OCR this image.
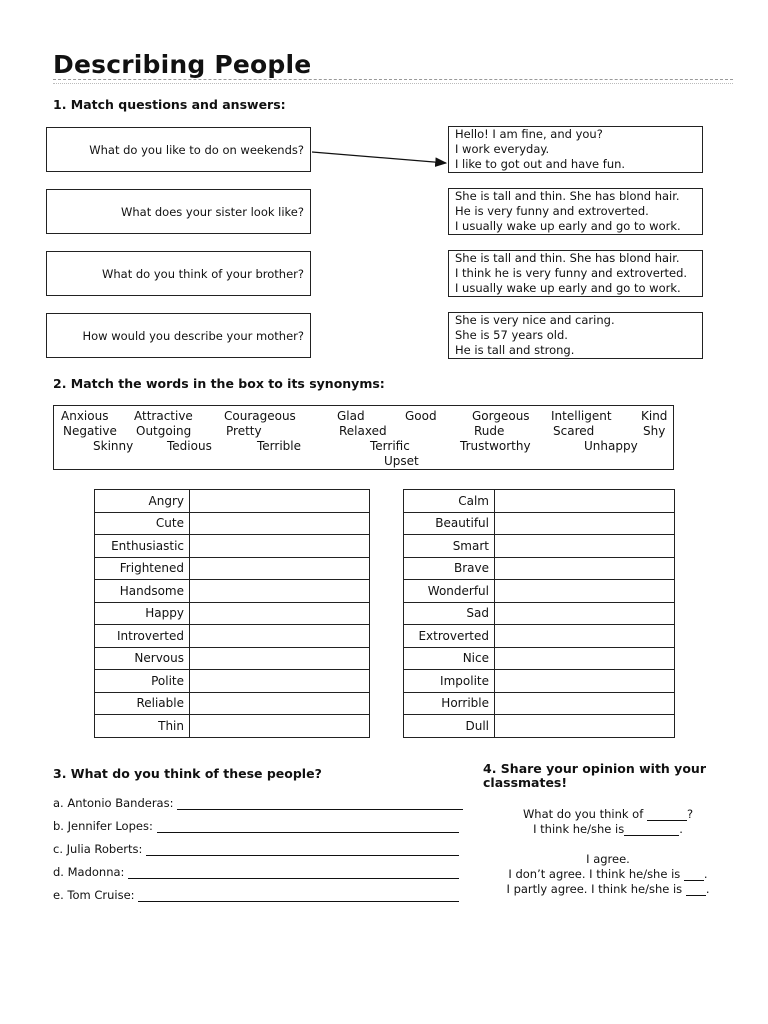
Describing People
1. Match questions and answers:
What do you like to do on weekends?
What does your sister look like?
What do you think of your brother?
How would you describe your mother?
Hello! I am fine, and you?
I work everyday.
I like to got out and have fun.
She is tall and thin. She has blond hair.
He is very funny and extroverted.
I usually wake up early and go to work.
She is tall and thin. She has blond hair.
I think he is very funny and extroverted.
I usually wake up early and go to work.
She is very nice and caring.
She is 57 years old.
He is tall and strong.
2. Match the words in the box to its synonyms:
Anxious Attractive	Courageous	Glad	Good	Gorgeous Intelligent Kind
Negative Outgoing	Pretty	Relaxed	Rude	Scared	Shy
Skinny	Tedious	Terrible	Terrific	Trustworthy	Unhappy
Upset
Angry	
Cute	
Enthusiastic	
Frightened	
Handsome	
Happy	
Introverted	
Nervous	
Polite	
Reliable	
Thin	
Calm	
Beautiful	
Smart	
Brave	
Wonderful	
Sad	
Extroverted	
Nice	
Impolite	
Horrible	
Dull	
3. What do you think of these people?
a. Antonio Banderas:
b. Jennifer Lopes:
c. Julia Roberts:
d. Madonna:
e. Tom Cruise:
4. Share your opinion with your
classmates!
What do you think of	?
I think he/she is	.
I agree.
I don’t agree. I think he/she is .
I partly agree. I think he/she is .
